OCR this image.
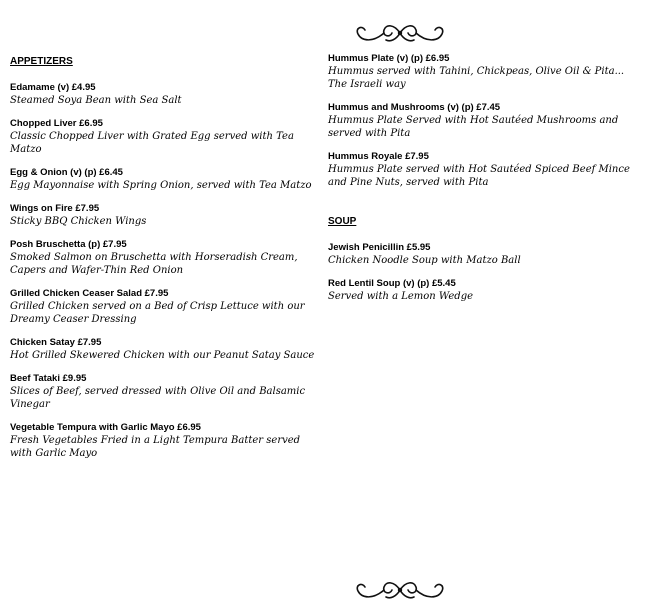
APPETIZERS
Edamame (v) £4.95
Steamed Soya Bean with Sea Salt
Chopped Liver £6.95
Classic Chopped Liver with Grated Egg served with Tea Matzo
Egg & Onion (v) (p) £6.45
Egg Mayonnaise with Spring Onion, served with Tea Matzo
Wings on Fire £7.95
Sticky BBQ Chicken Wings
Posh Bruschetta (p) £7.95
Smoked Salmon on Bruschetta with Horseradish Cream, Capers and Wafer-Thin Red Onion
Grilled Chicken Ceaser Salad £7.95
Grilled Chicken served on a Bed of Crisp Lettuce with our Dreamy Ceaser Dressing
Chicken Satay £7.95
Hot Grilled Skewered Chicken with our Peanut Satay Sauce
Beef Tataki £9.95
Slices of Beef, served dressed with Olive Oil and Balsamic Vinegar
Vegetable Tempura with Garlic Mayo £6.95
Fresh Vegetables Fried in a Light Tempura Batter served with Garlic Mayo
Hummus Plate (v) (p) £6.95
Hummus served with Tahini, Chickpeas, Olive Oil & Pita... The Israeli way
Hummus and Mushrooms (v) (p) £7.45
Hummus Plate Served with Hot Sautéed Mushrooms and served with Pita
Hummus Royale £7.95
Hummus Plate served with Hot Sautéed Spiced Beef Mince and Pine Nuts, served with Pita
SOUP
Jewish Penicillin £5.95
Chicken Noodle Soup with Matzo Ball
Red Lentil Soup (v) (p) £5.45
Served with a Lemon Wedge
